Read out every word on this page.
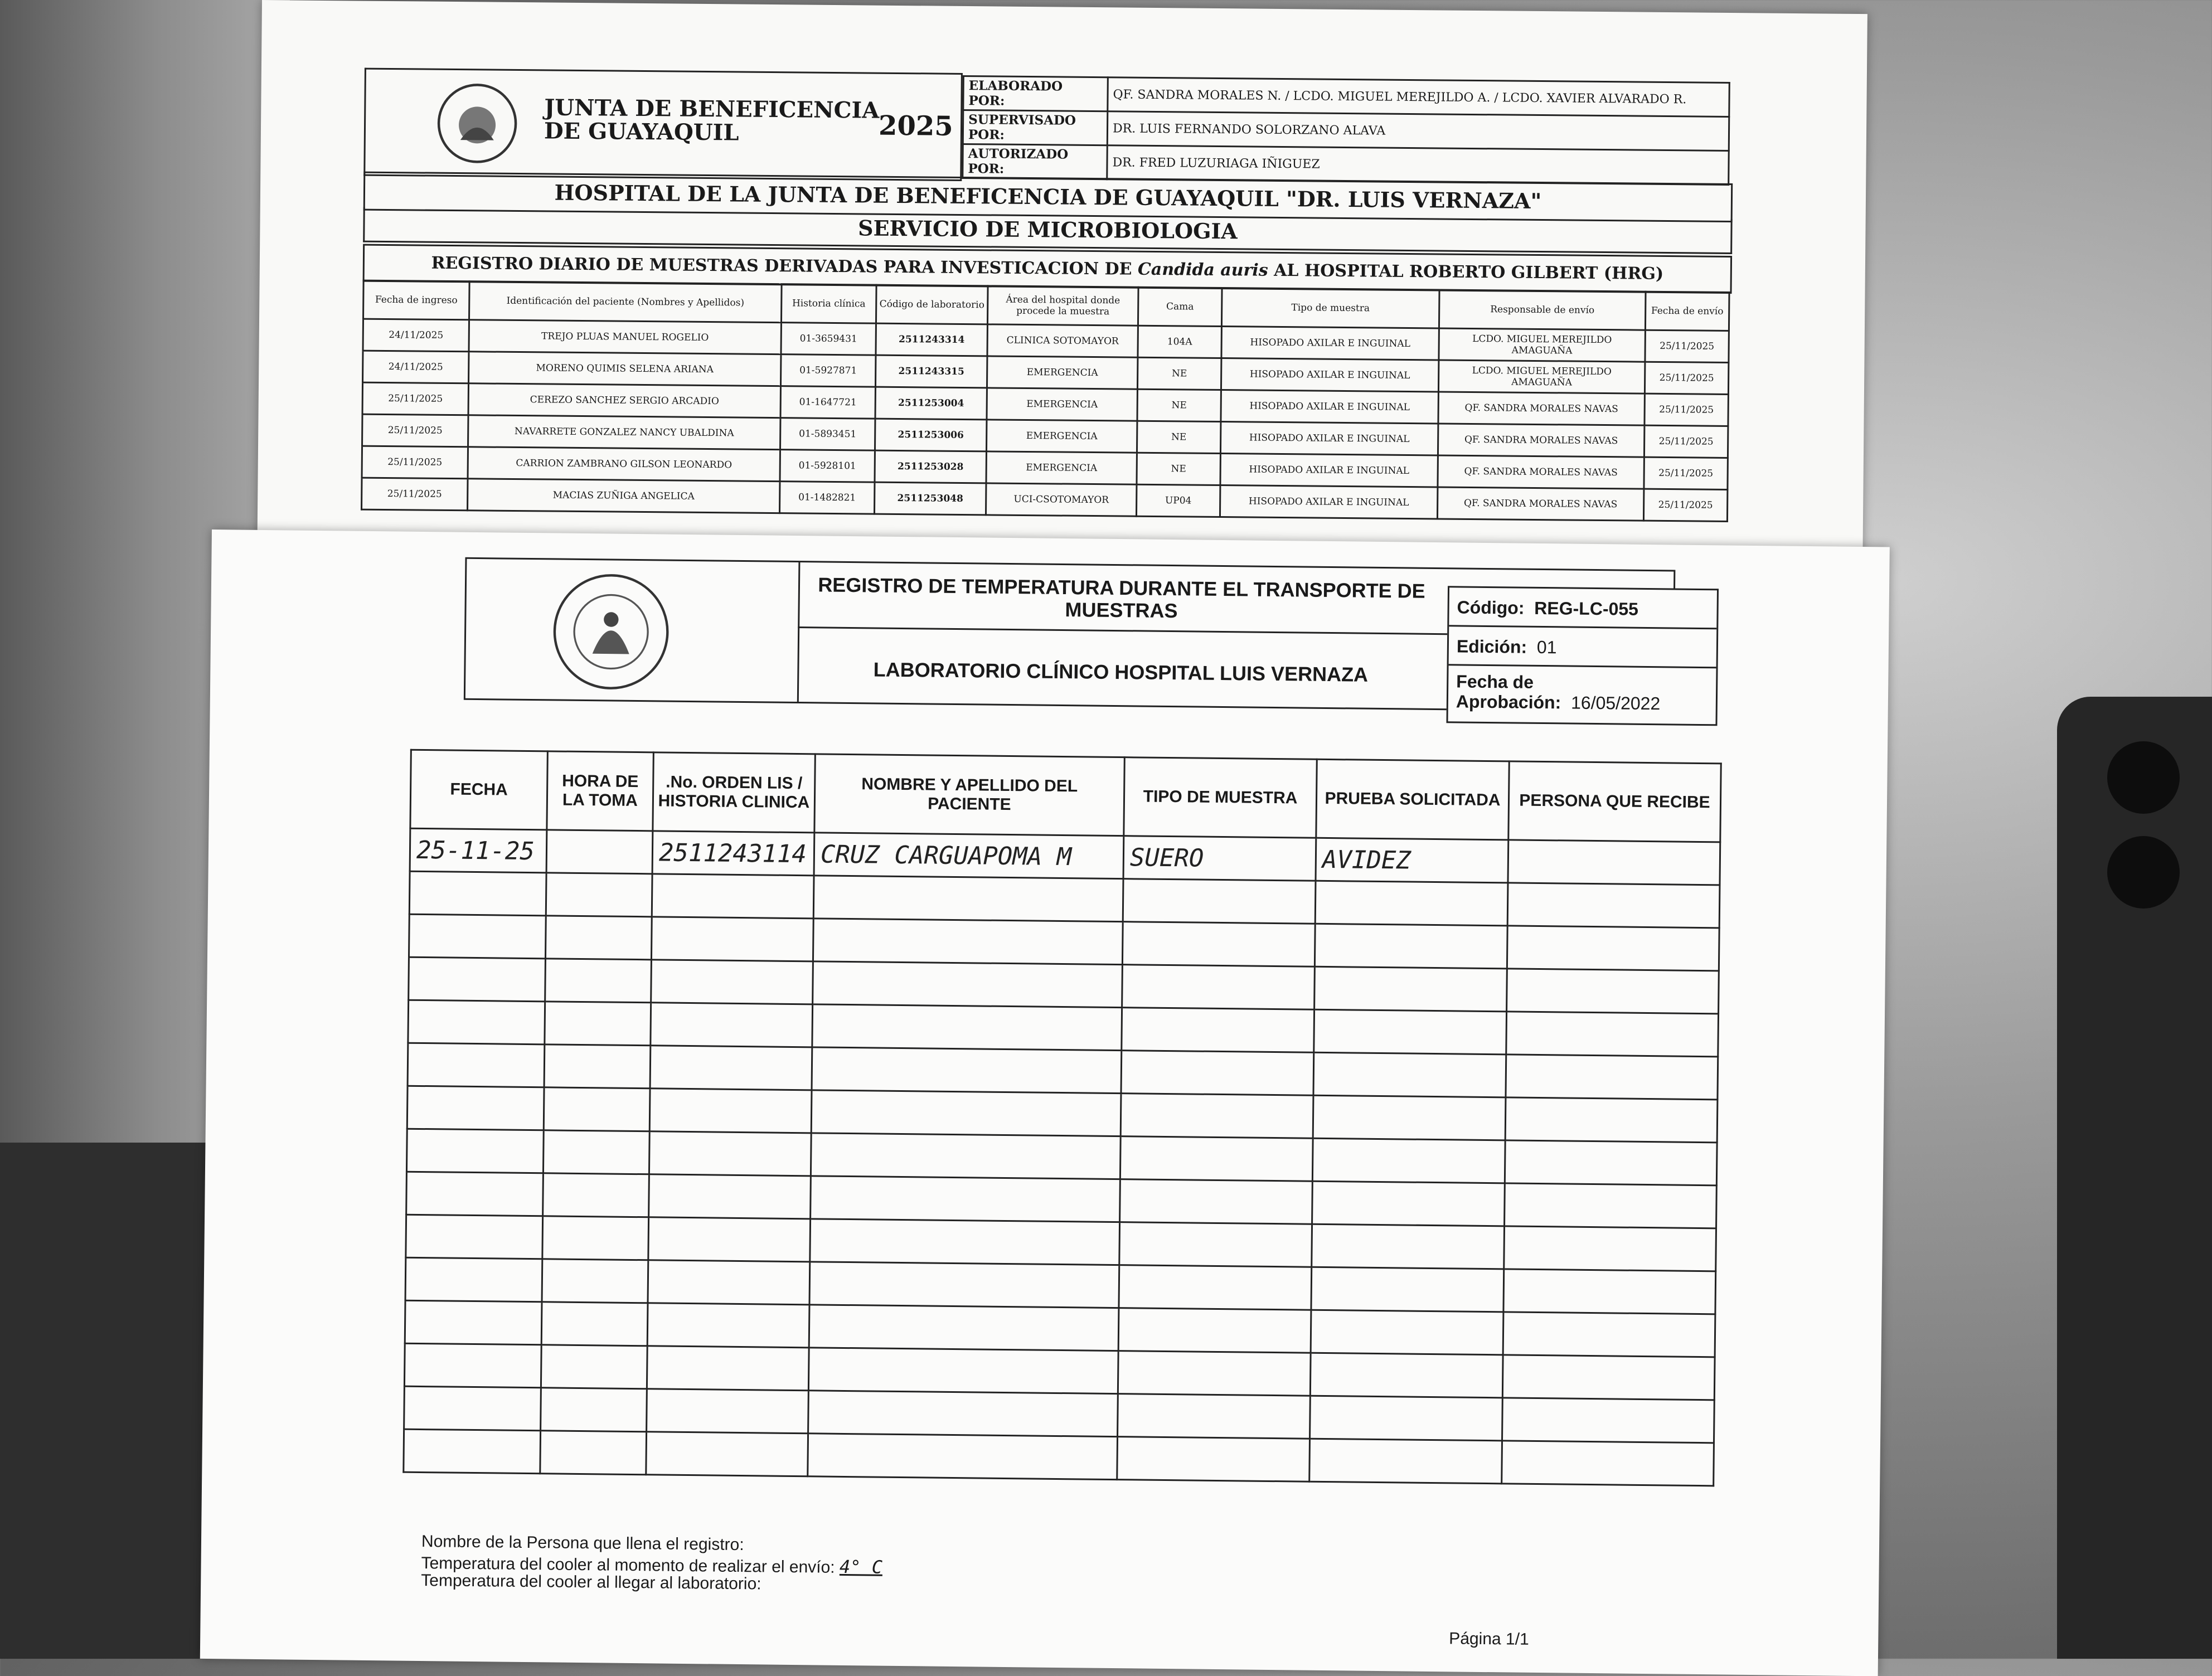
JUNTA DE BENEFICENCIA
DE GUAYAQUIL	2025

ELABORADO POR:	QF. SANDRA MORALES N. / LCDO. MIGUEL MEREJILDO A. / LCDO. XAVIER ALVARADO R.
SUPERVISADO POR:	DR. LUIS FERNANDO SOLORZANO ALAVA
AUTORIZADO POR:	DR. FRED LUZURIAGA IÑIGUEZ
HOSPITAL DE LA JUNTA DE BENEFICENCIA DE GUAYAQUIL "DR. LUIS VERNAZA"
SERVICIO DE MICROBIOLOGIA
REGISTRO DIARIO DE MUESTRAS DERIVADAS PARA INVESTICACION DE Candida auris AL HOSPITAL ROBERTO GILBERT (HRG)
Fecha de ingreso	Identificación del paciente (Nombres y Apellidos)	Historia clínica	Código de laboratorio	Área del hospital donde procede la muestra	Cama	Tipo de muestra	Responsable de envío	Fecha de envío
24/11/2025	TREJO PLUAS MANUEL ROGELIO	01-3659431	2511243314	CLINICA SOTOMAYOR	104A	HISOPADO AXILAR E INGUINAL	LCDO. MIGUEL MEREJILDO AMAGUAÑA	25/11/2025
24/11/2025	MORENO QUIMIS SELENA ARIANA	01-5927871	2511243315	EMERGENCIA	NE	HISOPADO AXILAR E INGUINAL	LCDO. MIGUEL MEREJILDO AMAGUAÑA	25/11/2025
25/11/2025	CEREZO SANCHEZ SERGIO ARCADIO	01-1647721	2511253004	EMERGENCIA	NE	HISOPADO AXILAR E INGUINAL	QF. SANDRA MORALES NAVAS	25/11/2025
25/11/2025	NAVARRETE GONZALEZ NANCY UBALDINA	01-5893451	2511253006	EMERGENCIA	NE	HISOPADO AXILAR E INGUINAL	QF. SANDRA MORALES NAVAS	25/11/2025
25/11/2025	CARRION ZAMBRANO GILSON LEONARDO	01-5928101	2511253028	EMERGENCIA	NE	HISOPADO AXILAR E INGUINAL	QF. SANDRA MORALES NAVAS	25/11/2025
25/11/2025	MACIAS ZUÑIGA ANGELICA	01-1482821	2511253048	UCI-CSOTOMAYOR	UP04	HISOPADO AXILAR E INGUINAL	QF. SANDRA MORALES NAVAS	25/11/2025
REGISTRO DE TEMPERATURA DURANTE EL TRANSPORTE DE MUESTRAS
LABORATORIO CLÍNICO HOSPITAL LUIS VERNAZA
Código: REG-LC-055
Edición: 01
Fecha de
Aprobación: 16/05/2022
FECHA	HORA DE LA TOMA	.No. ORDEN LIS / HISTORIA CLINICA	NOMBRE Y APELLIDO DEL PACIENTE	TIPO DE MUESTRA	PRUEBA SOLICITADA	PERSONA QUE RECIBE
25-11-25		2511243114	CRUZ CARGUAPOMA M	SUERO	AVIDEZ	

Nombre de la Persona que llena el registro:
Temperatura del cooler al momento de realizar el envío: 4° C
Temperatura del cooler al llegar al laboratorio:
Página 1/1
